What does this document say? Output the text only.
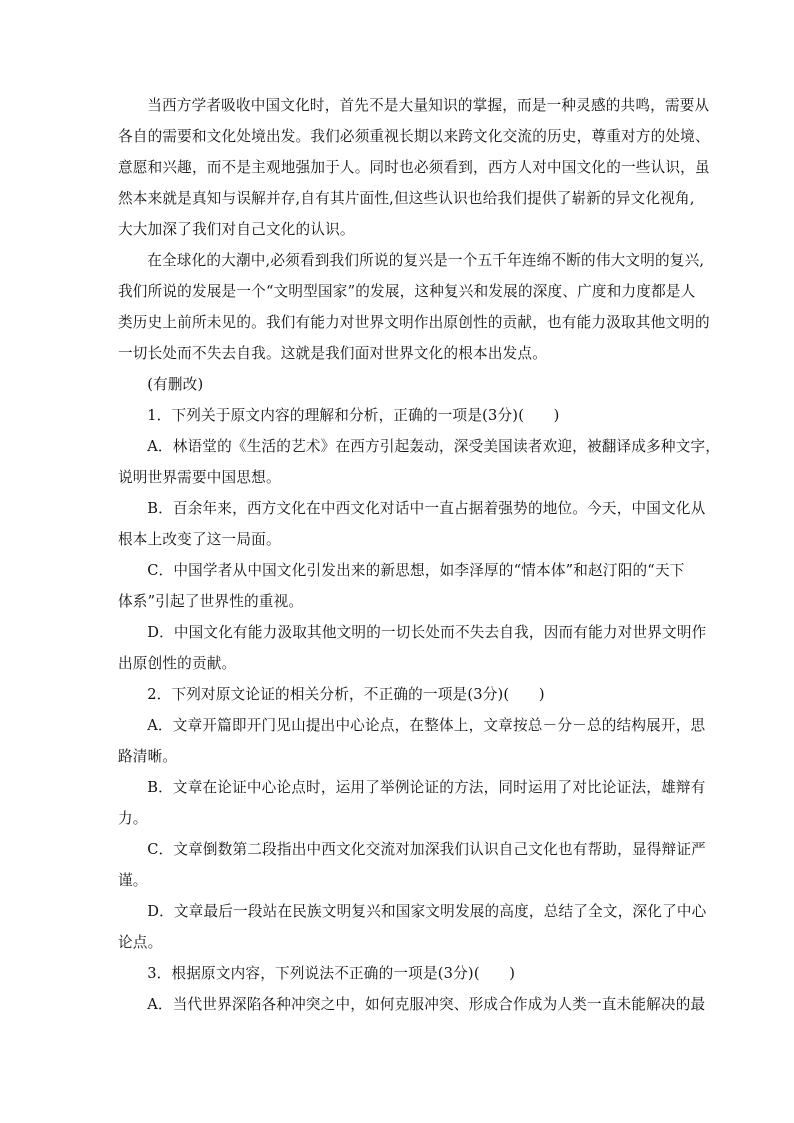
当西方学者吸收中国文化时，首先不是大量知识的掌握，而是一种灵感的共鸣，需要从
各自的需要和文化处境出发。我们必须重视长期以来跨文化交流的历史，尊重对方的处境、
意愿和兴趣，而不是主观地强加于人。同时也必须看到，西方人对中国文化的一些认识，虽
然本来就是真知与误解并存,自有其片面性,但这些认识也给我们提供了崭新的异文化视角,
大大加深了我们对自己文化的认识。

在全球化的大潮中,必须看到我们所说的复兴是一个五千年连绵不断的伟大文明的复兴,
我们所说的发展是一个“文明型国家”的发展，这种复兴和发展的深度、广度和力度都是人
类历史上前所未见的。我们有能力对世界文明作出原创性的贡献，也有能力汲取其他文明的
一切长处而不失去自我。这就是我们面对世界文化的根本出发点。

(有删改)

1．下列关于原文内容的理解和分析，正确的一项是(3分)(　　)

A．林语堂的《生活的艺术》在西方引起轰动，深受美国读者欢迎，被翻译成多种文字，
说明世界需要中国思想。

B．百余年来，西方文化在中西文化对话中一直占据着强势的地位。今天，中国文化从
根本上改变了这一局面。

C．中国学者从中国文化引发出来的新思想，如李泽厚的“情本体”和赵汀阳的“天下
体系”引起了世界性的重视。

D．中国文化有能力汲取其他文明的一切长处而不失去自我，因而有能力对世界文明作
出原创性的贡献。

2．下列对原文论证的相关分析，不正确的一项是(3分)(　　)

A．文章开篇即开门见山提出中心论点，在整体上，文章按总－分－总的结构展开，思
路清晰。

B．文章在论证中心论点时，运用了举例论证的方法，同时运用了对比论证法，雄辩有
力。

C．文章倒数第二段指出中西文化交流对加深我们认识自己文化也有帮助，显得辩证严
谨。

D．文章最后一段站在民族文明复兴和国家文明发展的高度，总结了全文，深化了中心
论点。

3．根据原文内容，下列说法不正确的一项是(3分)(　　)

A．当代世界深陷各种冲突之中，如何克服冲突、形成合作成为人类一直未能解决的最
